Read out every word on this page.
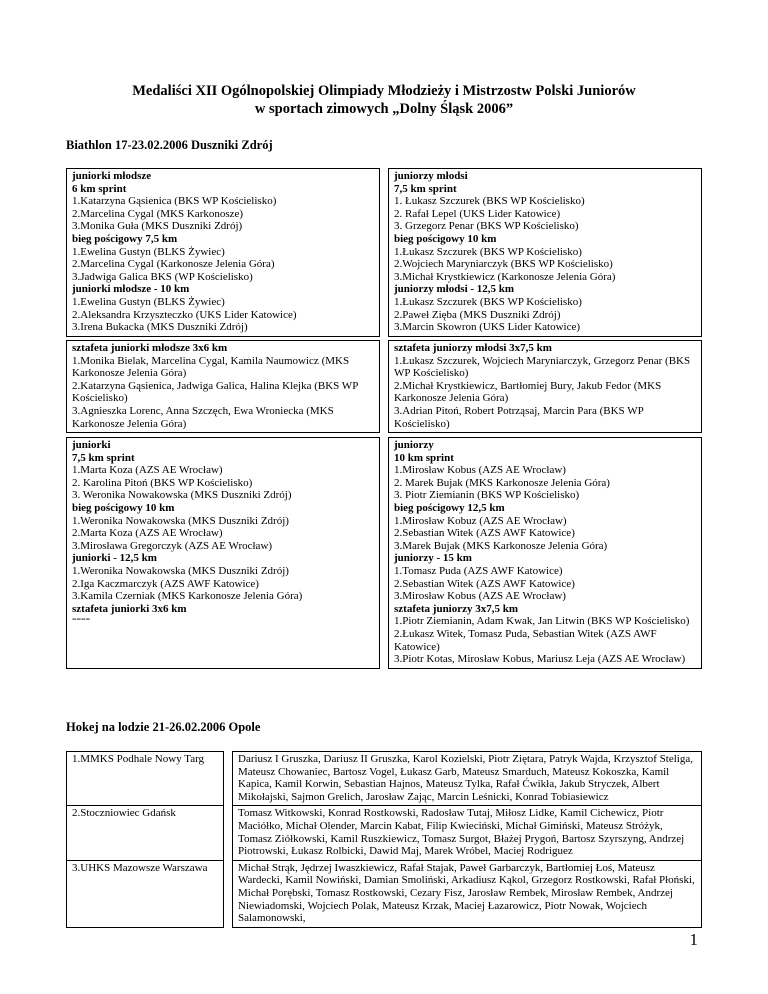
Medaliści XII Ogólnopolskiej Olimpiady Młodzieży i Mistrzostw Polski Juniorów
w sportach zimowych „Dolny Śląsk 2006”
Biathlon 17-23.02.2006 Duszniki Zdrój
juniorki młodsze
6 km sprint
1.Katarzyna Gąsienica (BKS WP Kościelisko)
2.Marcelina Cygal (MKS Karkonosze)
3.Monika Guła (MKS Duszniki Zdrój)
bieg pościgowy 7,5 km
1.Ewelina Gustyn (BLKS Żywiec)
2.Marcelina Cygal (Karkonosze Jelenia Góra)
3.Jadwiga Galica BKS (WP Kościelisko)
juniorki młodsze - 10 km
1.Ewelina Gustyn (BLKS Żywiec)
2.Aleksandra Krzyszteczko (UKS Lider Katowice)
3.Irena Bukacka (MKS Duszniki Zdrój)

juniorzy młodsi
7,5 km sprint
1. Łukasz Szczurek (BKS WP Kościelisko)
2. Rafał Lepel (UKS Lider Katowice)
3. Grzegorz Penar (BKS WP Kościelisko)
bieg pościgowy 10 km
1.Łukasz Szczurek (BKS WP Kościelisko)
2.Wojciech Maryniarczyk (BKS WP Kościelisko)
3.Michał Krystkiewicz (Karkonosze Jelenia Góra)
juniorzy młodsi - 12,5 km
1.Łukasz Szczurek (BKS WP Kościelisko)
2.Paweł Zięba (MKS Duszniki Zdrój)
3.Marcin Skowron (UKS Lider Katowice)
sztafeta juniorki młodsze 3x6 km
1.Monika Bielak, Marcelina Cygal, Kamila Naumowicz (MKS Karkonosze Jelenia Góra)
2.Katarzyna Gąsienica, Jadwiga Galica, Halina Klejka (BKS WP Kościelisko)
3.Agnieszka Lorenc, Anna Szczęch, Ewa Wroniecka (MKS Karkonosze Jelenia Góra)

sztafeta juniorzy młodsi 3x7,5 km
1.Łukasz Szczurek, Wojciech Maryniarczyk, Grzegorz Penar (BKS WP Kościelisko)
2.Michał Krystkiewicz, Bartłomiej Bury, Jakub Fedor (MKS Karkonosze Jelenia Góra)
3.Adrian Pitoń, Robert Potrząsaj, Marcin Para (BKS WP Kościelisko)
juniorki
7,5 km sprint
1.Marta Koza (AZS AE Wrocław)
2. Karolina Pitoń (BKS WP Kościelisko)
3. Weronika Nowakowska (MKS Duszniki Zdrój)
bieg pościgowy 10 km
1.Weronika Nowakowska (MKS Duszniki Zdrój)
2.Marta Koza (AZS AE Wrocław)
3.Mirosława Gregorczyk (AZS AE Wrocław)
juniorki - 12,5 km
1.Weronika Nowakowska (MKS Duszniki Zdrój)
2.Iga Kaczmarczyk (AZS AWF Katowice)
3.Kamila Czerniak (MKS Karkonosze Jelenia Góra)
sztafeta juniorki 3x6 km
====

juniorzy
10 km sprint
1.Mirosław Kobus (AZS AE Wrocław)
2. Marek Bujak (MKS Karkonosze Jelenia Góra)
3. Piotr Ziemianin (BKS WP Kościelisko)
bieg pościgowy 12,5 km
1.Mirosław Kobuz (AZS AE Wrocław)
2.Sebastian Witek (AZS AWF Katowice)
3.Marek Bujak (MKS Karkonosze Jelenia Góra)
juniorzy - 15 km
1.Tomasz Puda (AZS AWF Katowice)
2.Sebastian Witek (AZS AWF Katowice)
3.Mirosław Kobus (AZS AE Wrocław)
sztafeta juniorzy 3x7,5 km
1.Piotr Ziemianin, Adam Kwak, Jan Litwin (BKS WP Kościelisko)
2.Łukasz Witek, Tomasz Puda, Sebastian Witek (AZS AWF Katowice)
3.Piotr Kotas, Mirosław Kobus, Mariusz Leja (AZS AE Wrocław)
Hokej na lodzie 21-26.02.2006 Opole
1.MMKS Podhale Nowy Targ		Dariusz I Gruszka, Dariusz II Gruszka, Karol Kozielski, Piotr Ziętara, Patryk Wajda, Krzysztof Steliga, Mateusz Chowaniec, Bartosz Vogel, Łukasz Garb, Mateusz Smarduch, Mateusz Kokoszka, Kamil Kapica, Kamil Korwin, Sebastian Hajnos, Mateusz Tylka, Rafał Ćwikła, Jakub Stryczek, Albert Mikołajski, Sajmon Grelich, Jarosław Zając, Marcin Leśnicki, Konrad Tobiasiewicz
2.Stoczniowiec Gdańsk		Tomasz Witkowski, Konrad Rostkowski, Radosław Tutaj, Miłosz Lidke, Kamil Cichewicz, Piotr Maciółko, Michał Olender, Marcin Kabat, Filip Kwieciński, Michał Gimiński, Mateusz Stróżyk, Tomasz Ziółkowski, Kamil Ruszkiewicz, Tomasz Surgot, Błażej Prygoń, Bartosz Szyrszyng, Andrzej Piotrowski, Łukasz Rolbicki, Dawid Maj, Marek Wróbel, Maciej Rodriguez
3.UHKS Mazowsze Warszawa		Michał Strąk, Jędrzej Iwaszkiewicz, Rafał Stajak, Paweł Garbarczyk, Bartłomiej Łoś, Mateusz Wardecki, Kamil Nowiński, Damian Smoliński, Arkadiusz Kąkol, Grzegorz Rostkowski, Rafał Płoński, Michał Porębski, Tomasz Rostkowski, Cezary Fisz, Jarosław Rembek, Mirosław Rembek, Andrzej Niewiadomski, Wojciech Polak, Mateusz Krzak, Maciej Łazarowicz, Piotr Nowak, Wojciech Salamonowski,
1
